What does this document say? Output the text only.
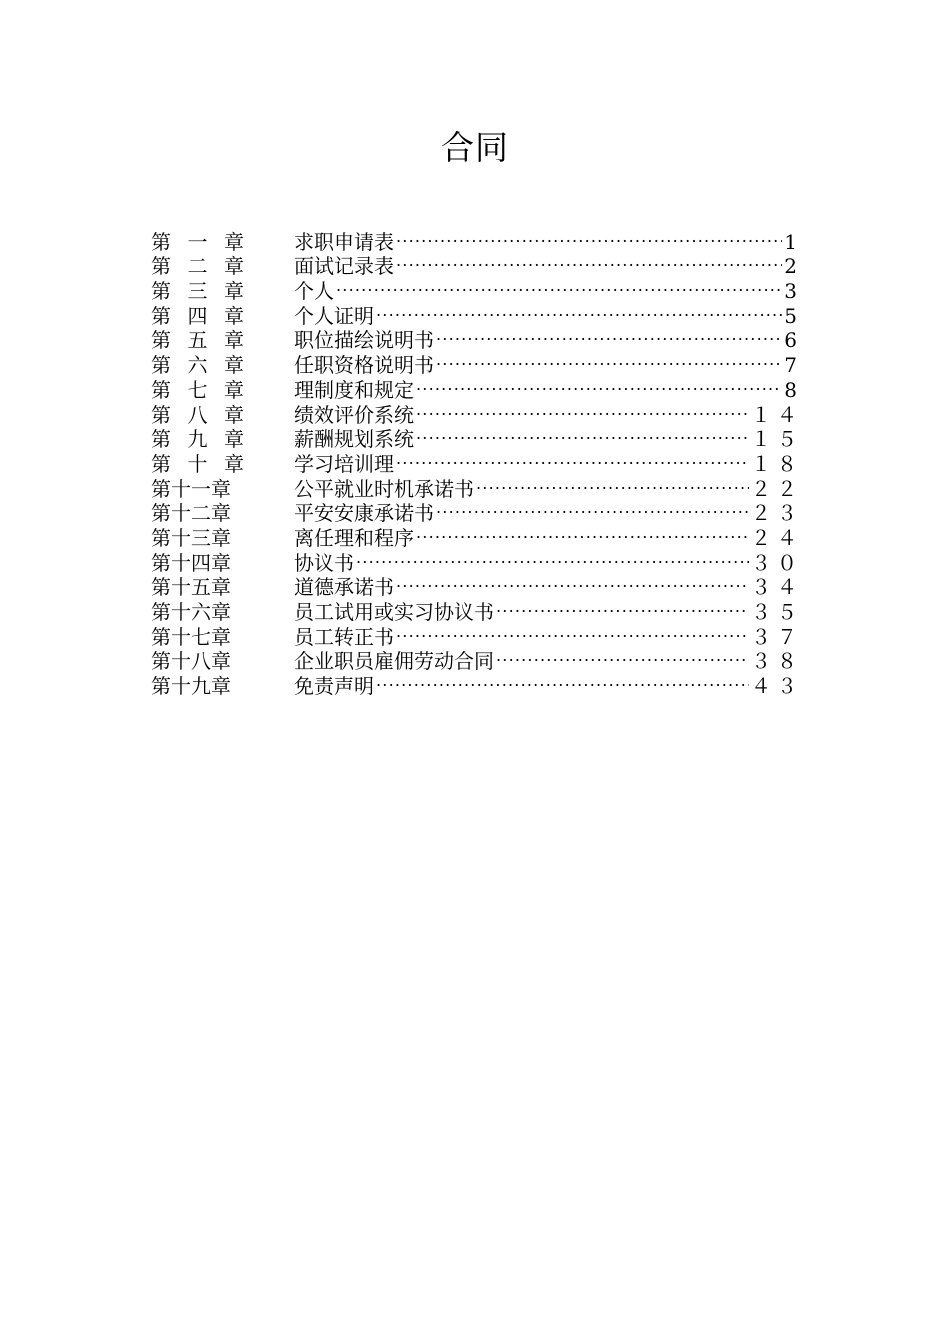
合同
第 一 章	求职申请表 .....	1
第 二 章	面试记录表 .....	2
第 三 章	个人 .....	3
第 四 章	个人证明 .....	5
第 五 章	职位描绘说明书 .....	6
第 六 章	任职资格说明书 .....	7
第 七 章	理制度和规定 .....	8
第 八 章	绩效评价系统 .....	１４
第 九 章	薪酬规划系统 .....	１５
第 十 章	学习培训理 .....	１８
第 十 一 章	公平就业时机承诺书 .....	２２
第 十 二 章	平安安康承诺书 .....	２３
第 十 三 章	离任理和程序 .....	２４
第 十 四 章	协议书 .....	３０
第 十 五 章	道德承诺书 .....	３４
第 十 六 章	员工试用或实习协议书 .....	３５
第 十 七 章	员工转正书 .....	３７
第 十 八 章	企业职员雇佣劳动合同 .....	３８
第 十 九 章	免责声明 .....	４３
